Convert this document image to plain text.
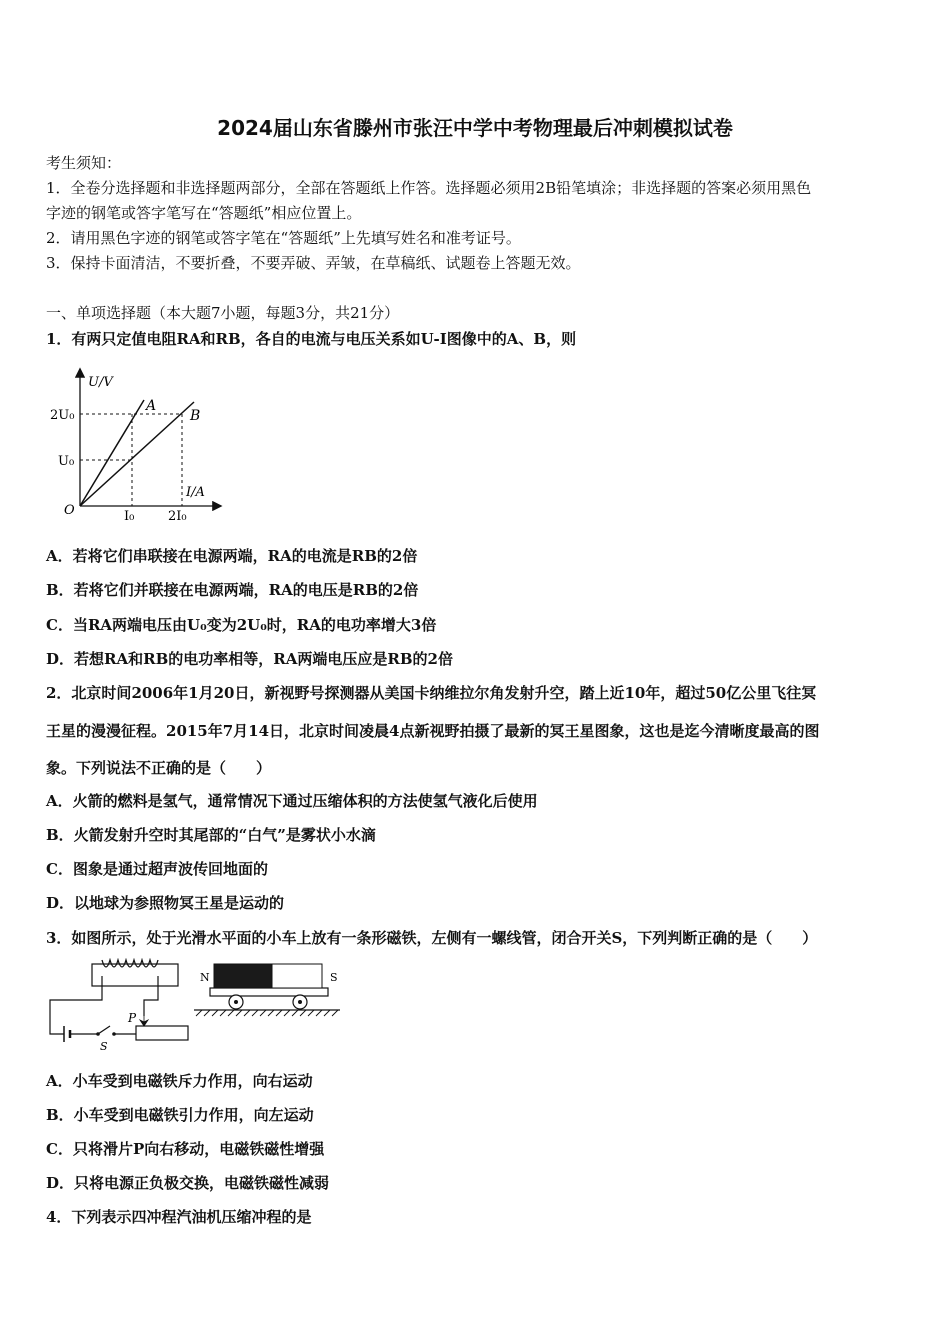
2024届山东省滕州市张汪中学中考物理最后冲刺模拟试卷
考生须知：
1．全卷分选择题和非选择题两部分，全部在答题纸上作答。选择题必须用2B铅笔填涂；非选择题的答案必须用黑色
字迹的钢笔或答字笔写在“答题纸”相应位置上。
2．请用黑色字迹的钢笔或答字笔在“答题纸”上先填写姓名和准考证号。
3．保持卡面清洁，不要折叠，不要弄破、弄皱，在草稿纸、试题卷上答题无效。
一、单项选择题（本大题7小题，每题3分，共21分）
1．有两只定值电阻RA和RB，各自的电流与电压关系如U-I图像中的A、B，则
U/V
I/A
O
2U₀
U₀
I₀	2I₀
A
B
A．若将它们串联接在电源两端，RA的电流是RB的2倍
B．若将它们并联接在电源两端，RA的电压是RB的2倍
C．当RA两端电压由U₀变为2U₀时，RA的电功率增大3倍
D．若想RA和RB的电功率相等，RA两端电压应是RB的2倍
2．北京时间2006年1月20日，新视野号探测器从美国卡纳维拉尔角发射升空，踏上近10年，超过50亿公里飞往冥
王星的漫漫征程。2015年7月14日，北京时间凌晨4点新视野拍摄了最新的冥王星图象，这也是迄今清晰度最高的图
象。下列说法不正确的是（　　）
A．火箭的燃料是氢气，通常情况下通过压缩体积的方法使氢气液化后使用
B．火箭发射升空时其尾部的“白气”是雾状小水滴
C．图象是通过超声波传回地面的
D．以地球为参照物冥王星是运动的
3．如图所示，处于光滑水平面的小车上放有一条形磁铁，左侧有一螺线管，闭合开关S，下列判断正确的是（　　）
S
P
N	S
A．小车受到电磁铁斥力作用，向右运动
B．小车受到电磁铁引力作用，向左运动
C．只将滑片P向右移动，电磁铁磁性增强
D．只将电源正负极交换，电磁铁磁性减弱
4．下列表示四冲程汽油机压缩冲程的是
